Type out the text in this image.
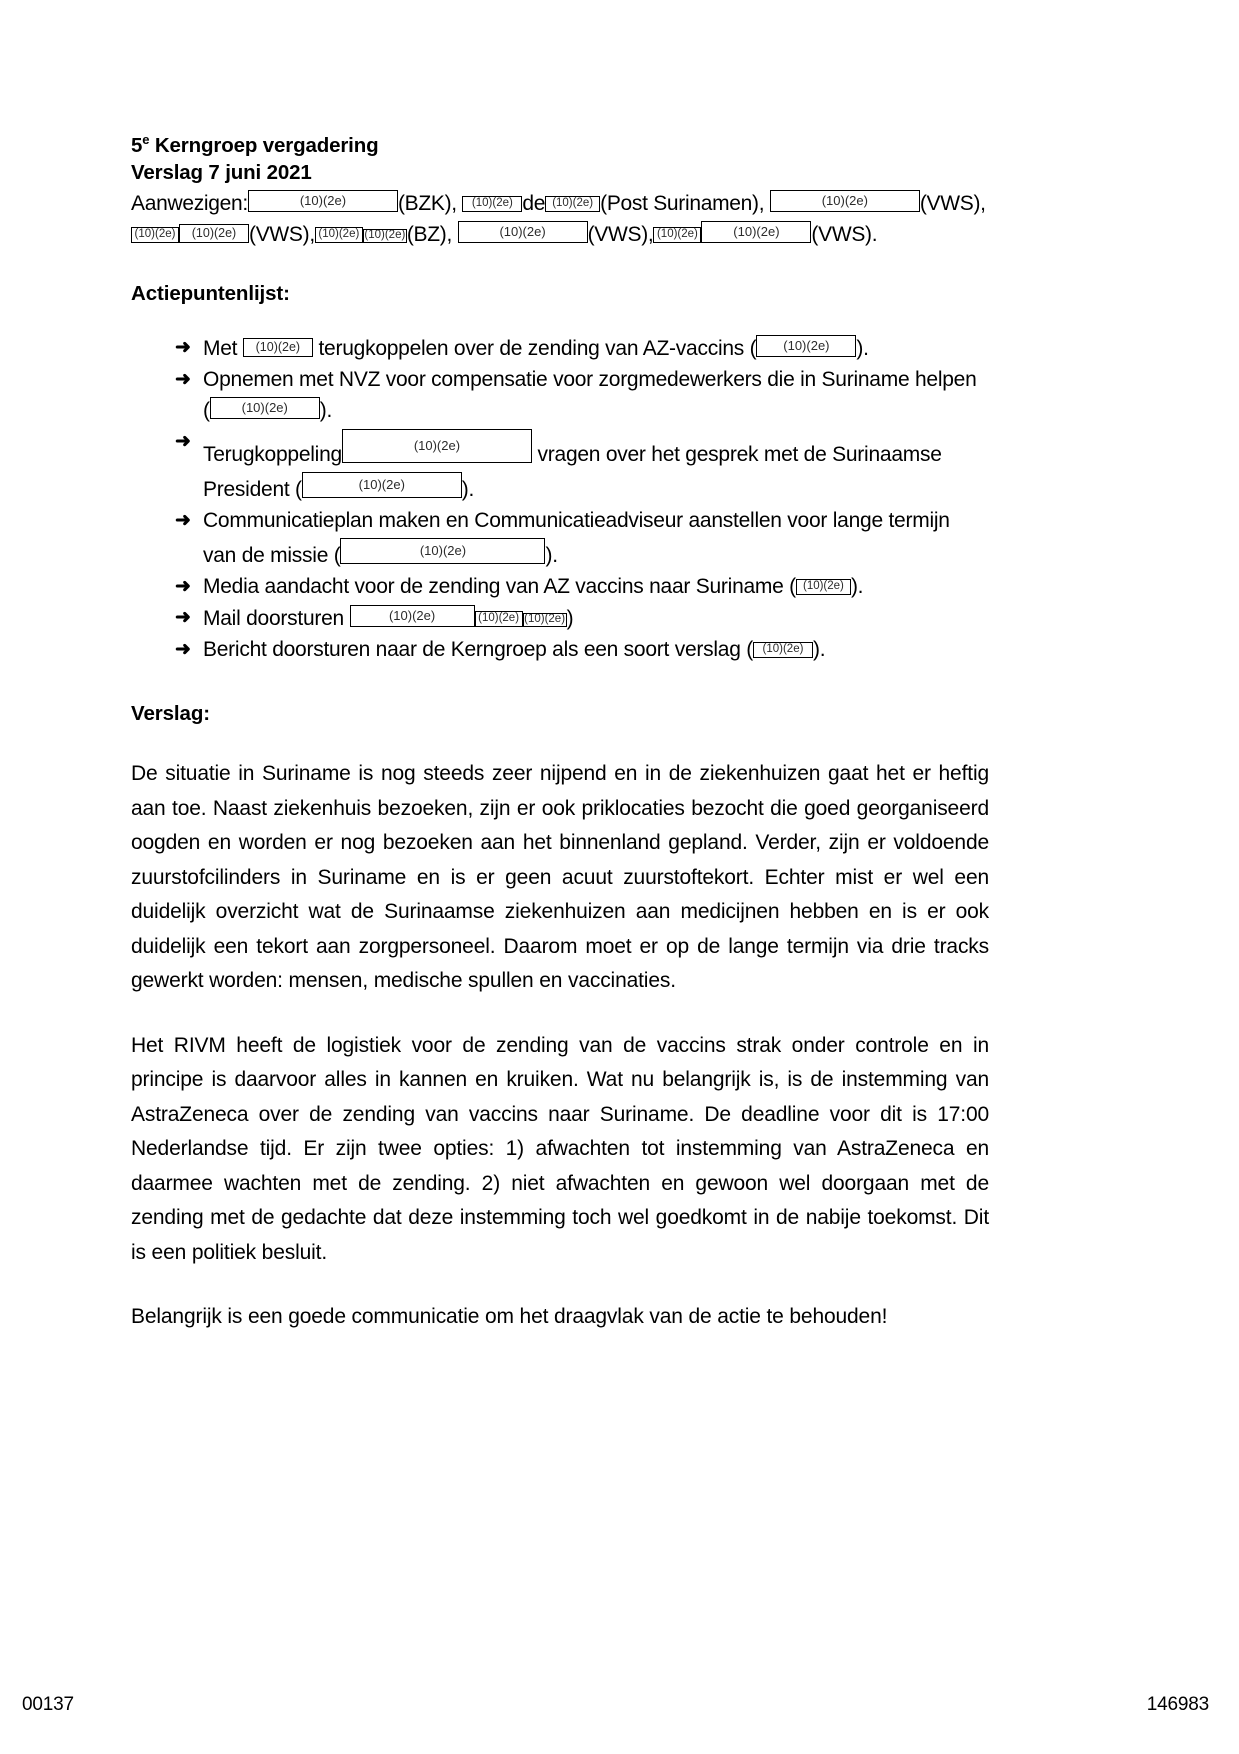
5e Kerngroep vergadering
Verslag 7 juni 2021
Aanwezigen:	(10)(2e) (BZK), (10)(2e) de (10)(2e) (Post Surinamen),	(10)(2e) (VWS),
(10)(2e) (10)(2e) (VWS), (10)(2e) (10)(2e)(BZ),	(10)(2e) (VWS), (10)(2e)	(10)(2e) (VWS).
Actiepuntenlijst:
➜ Met (10)(2e) terugkoppelen over de zending van AZ-vaccins ( (10)(2e) ).
➜ Opnemen met NVZ voor compensatie voor zorgmedewerkers die in Suriname helpen
( (10)(2e) ).
➜
Terugkoppeling	(10)(2e)	vragen over het gesprek met de Surinaamse
President (	(10)(2e)	).
➜ Communicatieplan maken en Communicatieadviseur aanstellen voor lange termijn
van de missie (	(10)(2e)	).
➜ Media aandacht voor de zending van AZ vaccins naar Suriname ( (10)(2e) ).
➜ Mail doorsturen	(10)(2e)	(10)(2e) (10)(2e))
➜ Bericht doorsturen naar de Kerngroep als een soort verslag ( (10)(2e) ).
Verslag:

De situatie in Suriname is nog steeds zeer nijpend en in de ziekenhuizen gaat het er heftig aan toe. Naast ziekenhuis bezoeken, zijn er ook priklocaties bezocht die goed georganiseerd oogden en worden er nog bezoeken aan het binnenland gepland. Verder, zijn er voldoende zuurstofcilinders in Suriname en is er geen acuut zuurstoftekort. Echter mist er wel een duidelijk overzicht wat de Surinaamse ziekenhuizen aan medicijnen hebben en is er ook duidelijk een tekort aan zorgpersoneel. Daarom moet er op de lange termijn via drie tracks gewerkt worden: mensen, medische spullen en vaccinaties.

Het RIVM heeft de logistiek voor de zending van de vaccins strak onder controle en in principe is daarvoor alles in kannen en kruiken. Wat nu belangrijk is, is de instemming van AstraZeneca over de zending van vaccins naar Suriname. De deadline voor dit is 17:00 Nederlandse tijd. Er zijn twee opties: 1) afwachten tot instemming van AstraZeneca en daarmee wachten met de zending. 2) niet afwachten en gewoon wel doorgaan met de zending met de gedachte dat deze instemming toch wel goedkomt in de nabije toekomst. Dit is een politiek besluit.

Belangrijk is een goede communicatie om het draagvlak van de actie te behouden!

00137	146983
